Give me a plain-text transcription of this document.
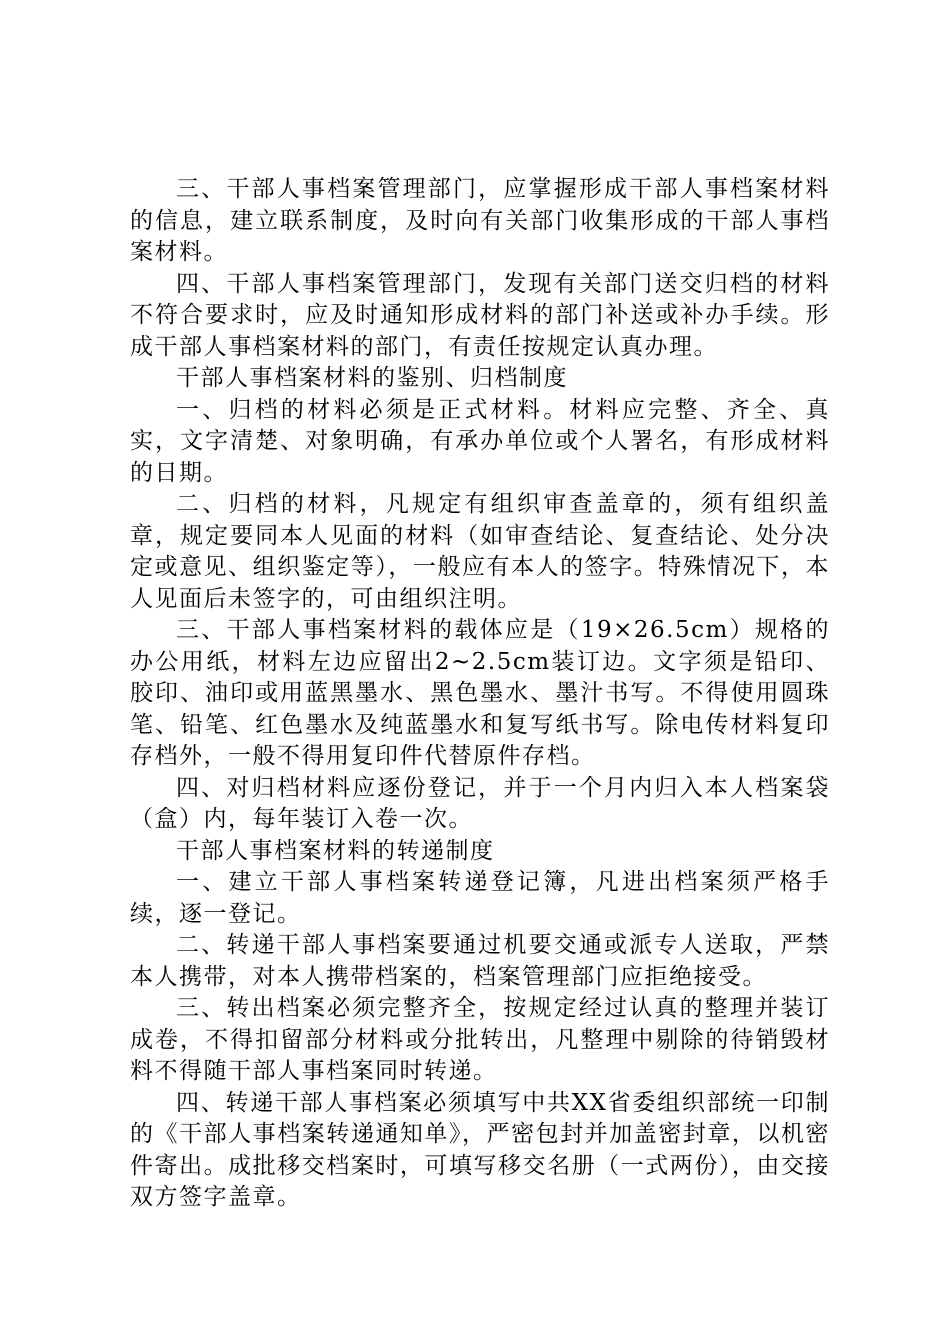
三、干部人事档案管理部门，应掌握形成干部人事档案材料的信息，建立联系制度，及时向有关部门收集形成的干部人事档案材料。

四、干部人事档案管理部门，发现有关部门送交归档的材料不符合要求时，应及时通知形成材料的部门补送或补办手续。形成干部人事档案材料的部门，有责任按规定认真办理。

干部人事档案材料的鉴别、归档制度

一、归档的材料必须是正式材料。材料应完整、齐全、真实，文字清楚、对象明确，有承办单位或个人署名，有形成材料的日期。

二、归档的材料，凡规定有组织审查盖章的，须有组织盖章，规定要同本人见面的材料（如审查结论、复查结论、处分决定或意见、组织鉴定等），一般应有本人的签字。特殊情况下，本人见面后未签字的，可由组织注明。

三、干部人事档案材料的载体应是（19×26.5cm）规格的办公用纸，材料左边应留出2~2.5cm装订边。文字须是铅印、胶印、油印或用蓝黑墨水、黑色墨水、墨汁书写。不得使用圆珠笔、铅笔、红色墨水及纯蓝墨水和复写纸书写。除电传材料复印存档外，一般不得用复印件代替原件存档。

四、对归档材料应逐份登记，并于一个月内归入本人档案袋（盒）内，每年装订入卷一次。

干部人事档案材料的转递制度

一、建立干部人事档案转递登记簿，凡进出档案须严格手续，逐一登记。

二、转递干部人事档案要通过机要交通或派专人送取，严禁本人携带，对本人携带档案的，档案管理部门应拒绝接受。

三、转出档案必须完整齐全，按规定经过认真的整理并装订成卷，不得扣留部分材料或分批转出，凡整理中剔除的待销毁材料不得随干部人事档案同时转递。

四、转递干部人事档案必须填写中共XX省委组织部统一印制的《干部人事档案转递通知单》，严密包封并加盖密封章，以机密件寄出。成批移交档案时，可填写移交名册（一式两份），由交接双方签字盖章。
